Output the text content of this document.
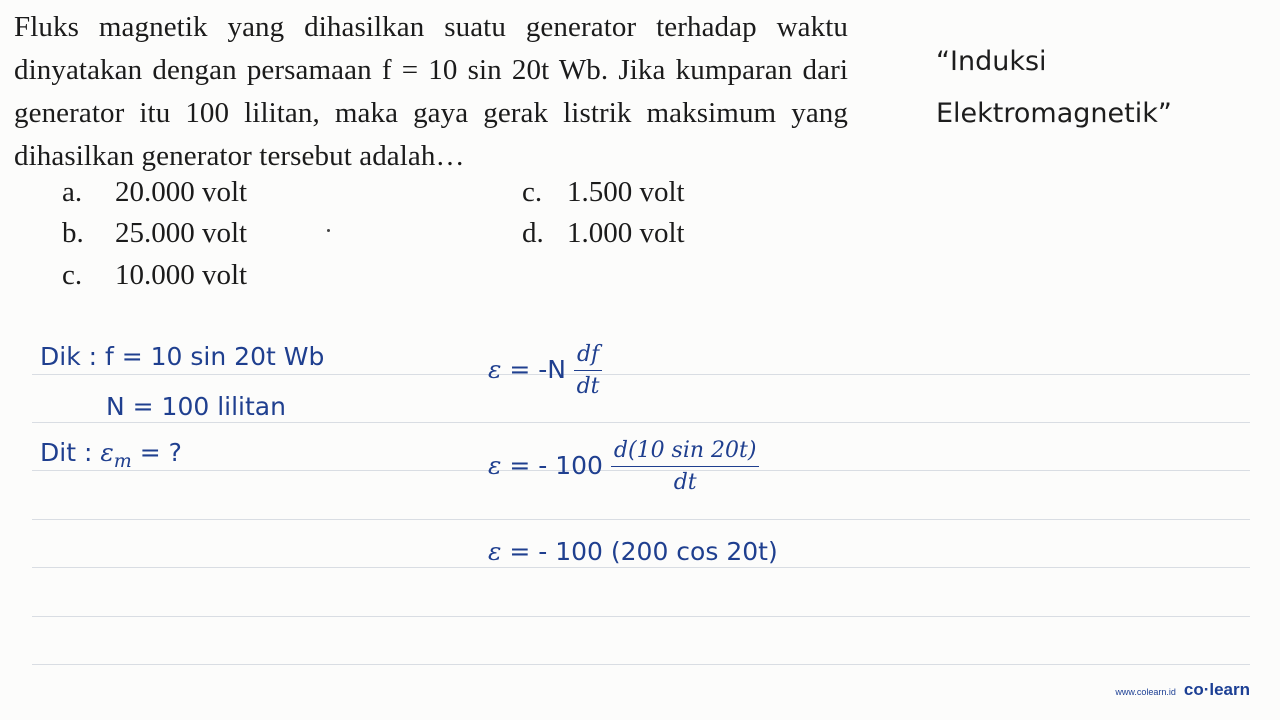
Fluks magnetik yang dihasilkan suatu generator terhadap waktu dinyatakan dengan persamaan f = 10 sin 20t Wb. Jika kumparan dari generator itu 100 lilitan, maka gaya gerak listrik maksimum yang dihasilkan generator tersebut adalah…
“Induksi
Elektromagnetik”
a. 20.000 volt
b. 25.000 volt
c. 10.000 volt
c. 1.500 volt
d. 1.000 volt
Dik : f = 10 sin 20t Wb
N = 100 lilitan
Dit : $\varepsilon_m$ = ?
$\varepsilon = -N \frac{df}{dt}$
ε = - $100 \frac{d(10 \sin 20t)}{dt}$
ε = - 100 (200 cos 20t)
www.colearn.id co·learn
